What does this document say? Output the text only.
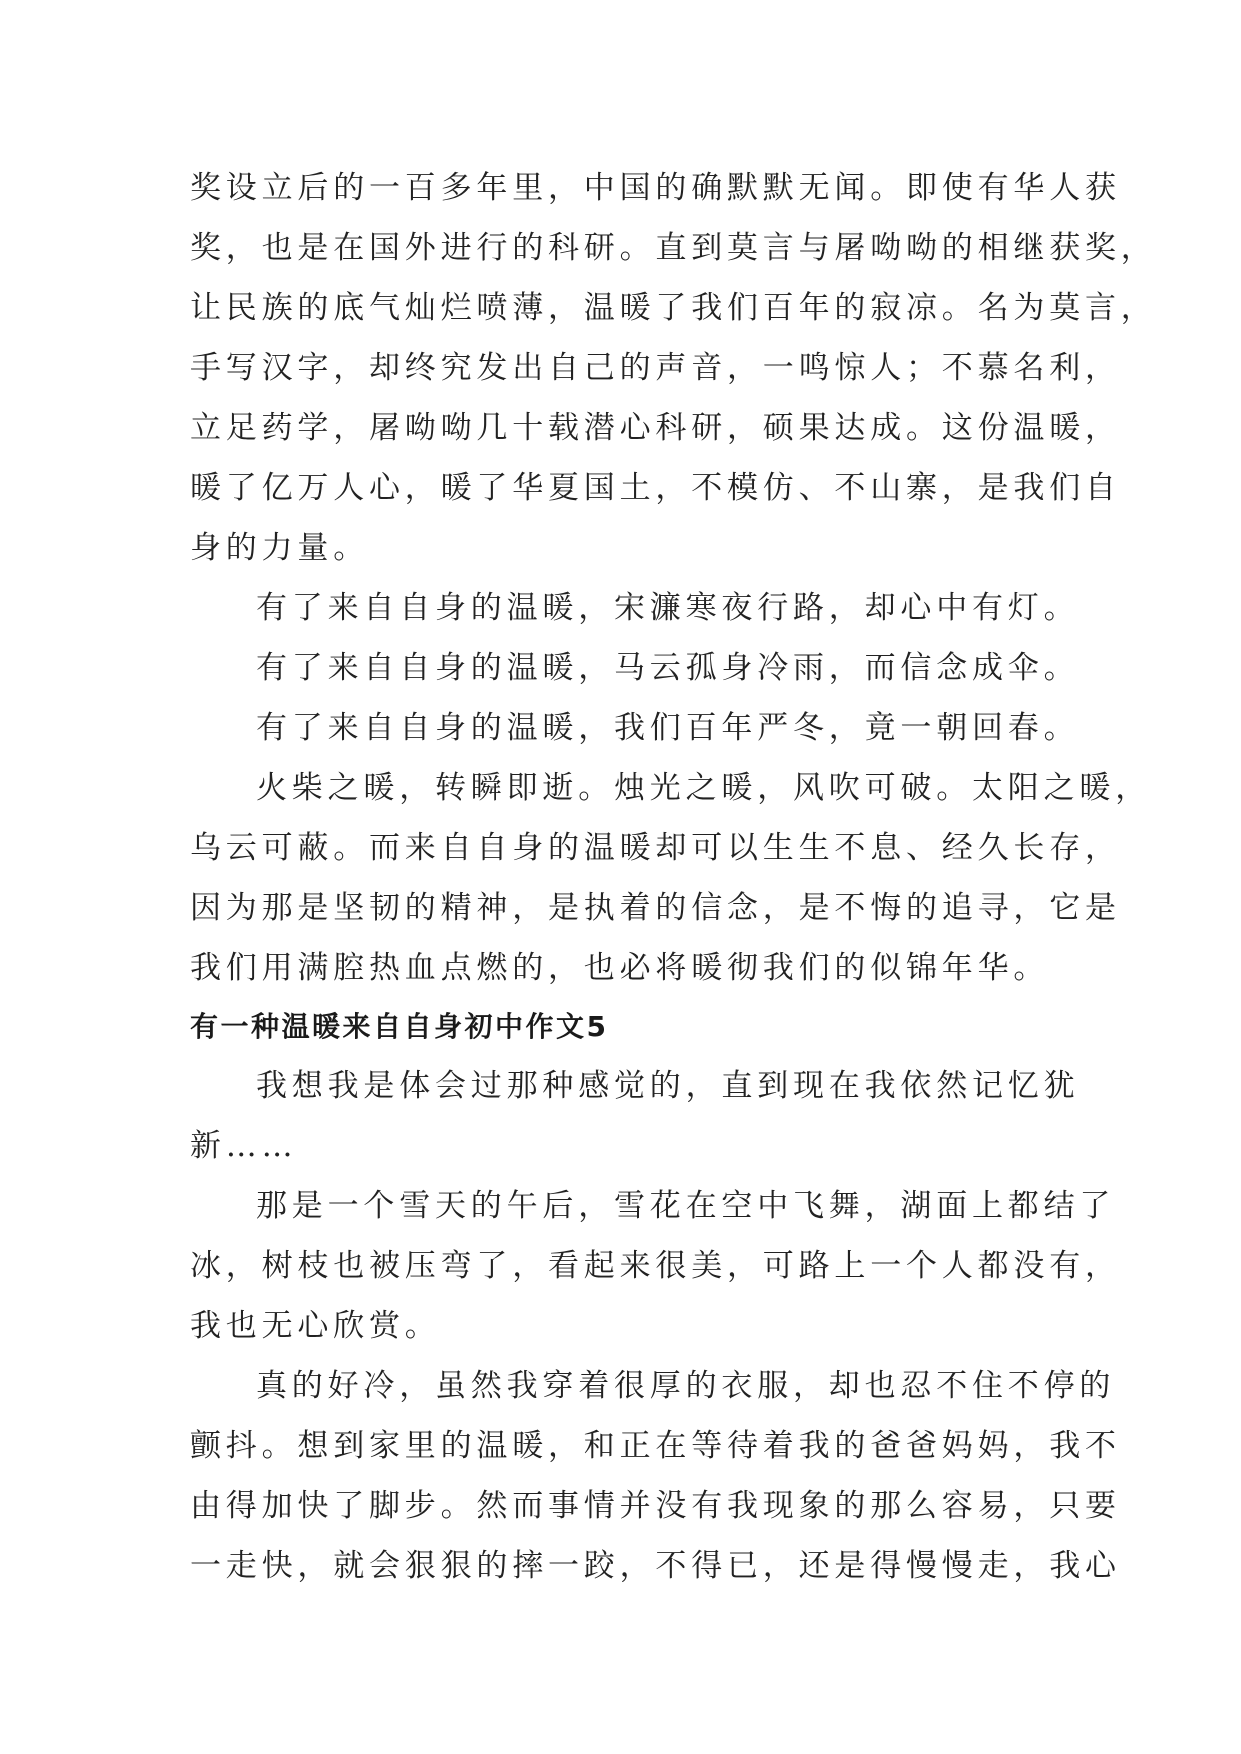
奖设立后的一百多年里，中国的确默默无闻。即使有华人获

奖，也是在国外进行的科研。直到莫言与屠呦呦的相继获奖，

让民族的底气灿烂喷薄，温暖了我们百年的寂凉。名为莫言，

手写汉字，却终究发出自己的声音，一鸣惊人；不慕名利，

立足药学，屠呦呦几十载潜心科研，硕果达成。这份温暖，

暖了亿万人心，暖了华夏国土，不模仿、不山寨，是我们自

身的力量。

有了来自自身的温暖，宋濂寒夜行路，却心中有灯。

有了来自自身的温暖，马云孤身冷雨，而信念成伞。

有了来自自身的温暖，我们百年严冬，竟一朝回春。

火柴之暖，转瞬即逝。烛光之暖，风吹可破。太阳之暖，

乌云可蔽。而来自自身的温暖却可以生生不息、经久长存，

因为那是坚韧的精神，是执着的信念，是不悔的追寻，它是

我们用满腔热血点燃的，也必将暖彻我们的似锦年华。

有一种温暖来自自身初中作文5

我想我是体会过那种感觉的，直到现在我依然记忆犹

新……

那是一个雪天的午后，雪花在空中飞舞，湖面上都结了

冰，树枝也被压弯了，看起来很美，可路上一个人都没有，

我也无心欣赏。

真的好冷，虽然我穿着很厚的衣服，却也忍不住不停的

颤抖。想到家里的温暖，和正在等待着我的爸爸妈妈，我不

由得加快了脚步。然而事情并没有我现象的那么容易，只要

一走快，就会狠狠的摔一跤，不得已，还是得慢慢走，我心
